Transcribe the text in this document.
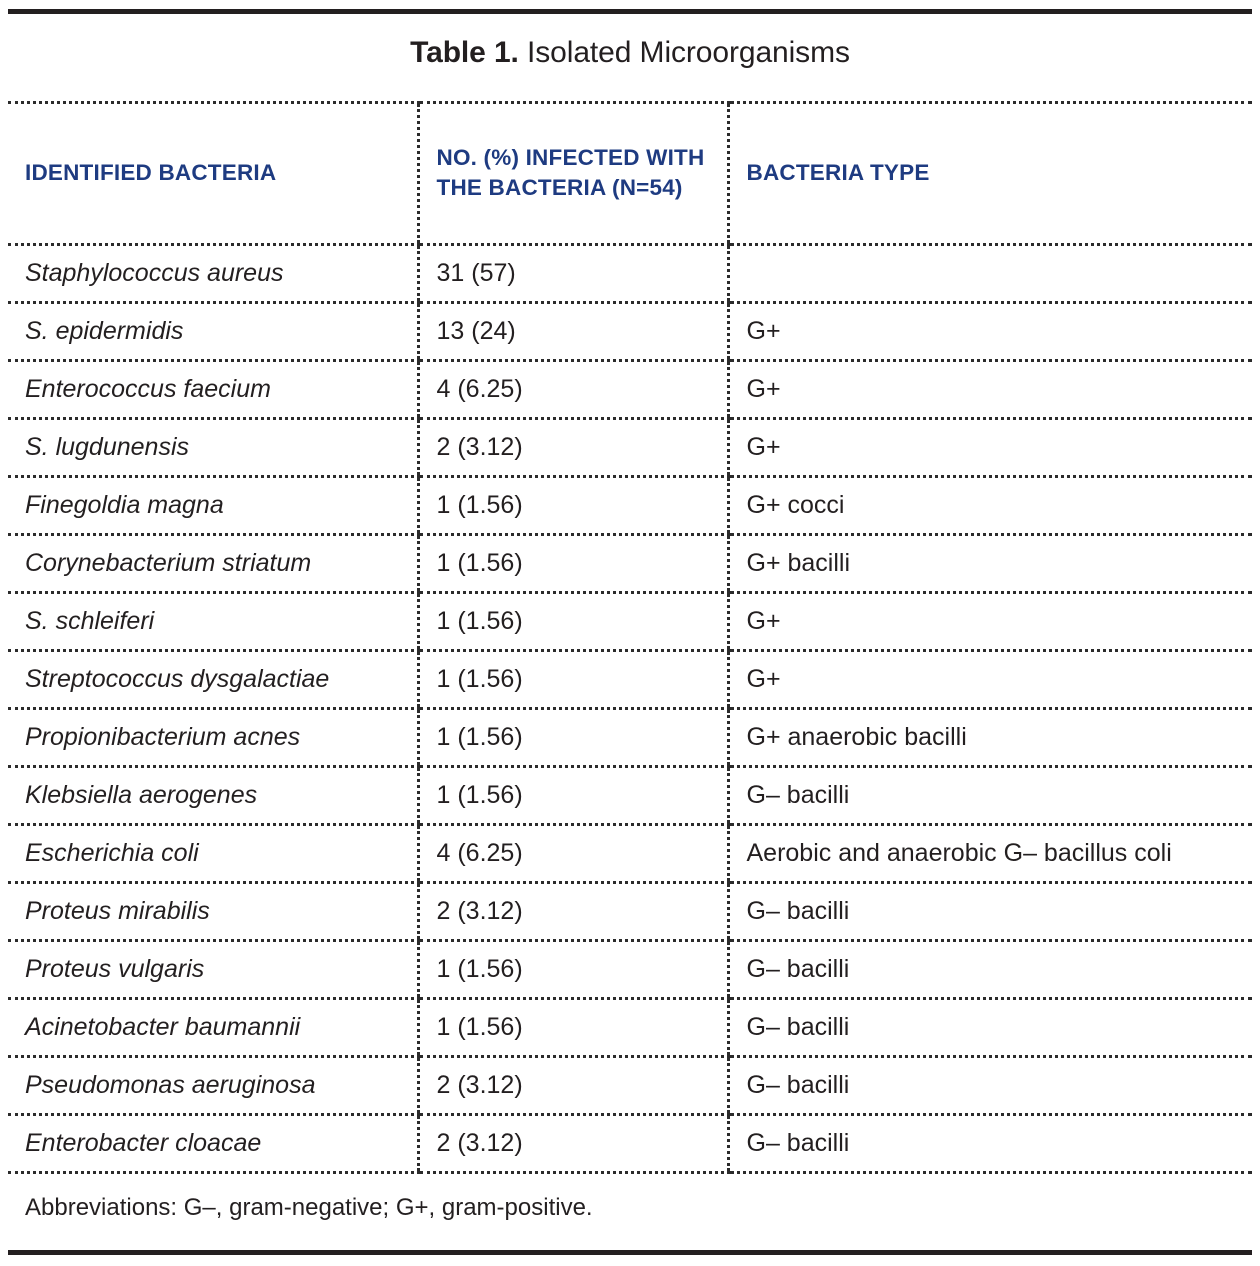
Table 1. Isolated Microorganisms
IDENTIFIED BACTERIA	NO. (%) INFECTED WITH THE BACTERIA (N=54)	BACTERIA TYPE
Staphylococcus aureus	31 (57)	
S. epidermidis	13 (24)	G+
Enterococcus faecium	4 (6.25)	G+
S. lugdunensis	2 (3.12)	G+
Finegoldia magna	1 (1.56)	G+ cocci
Corynebacterium striatum	1 (1.56)	G+ bacilli
S. schleiferi	1 (1.56)	G+
Streptococcus dysgalactiae	1 (1.56)	G+
Propionibacterium acnes	1 (1.56)	G+ anaerobic bacilli
Klebsiella aerogenes	1 (1.56)	G– bacilli
Escherichia coli	4 (6.25)	Aerobic and anaerobic G– bacillus coli
Proteus mirabilis	2 (3.12)	G– bacilli
Proteus vulgaris	1 (1.56)	G– bacilli
Acinetobacter baumannii	1 (1.56)	G– bacilli
Pseudomonas aeruginosa	2 (3.12)	G– bacilli
Enterobacter cloacae	2 (3.12)	G– bacilli
Abbreviations: G–, gram-negative; G+, gram-positive.
